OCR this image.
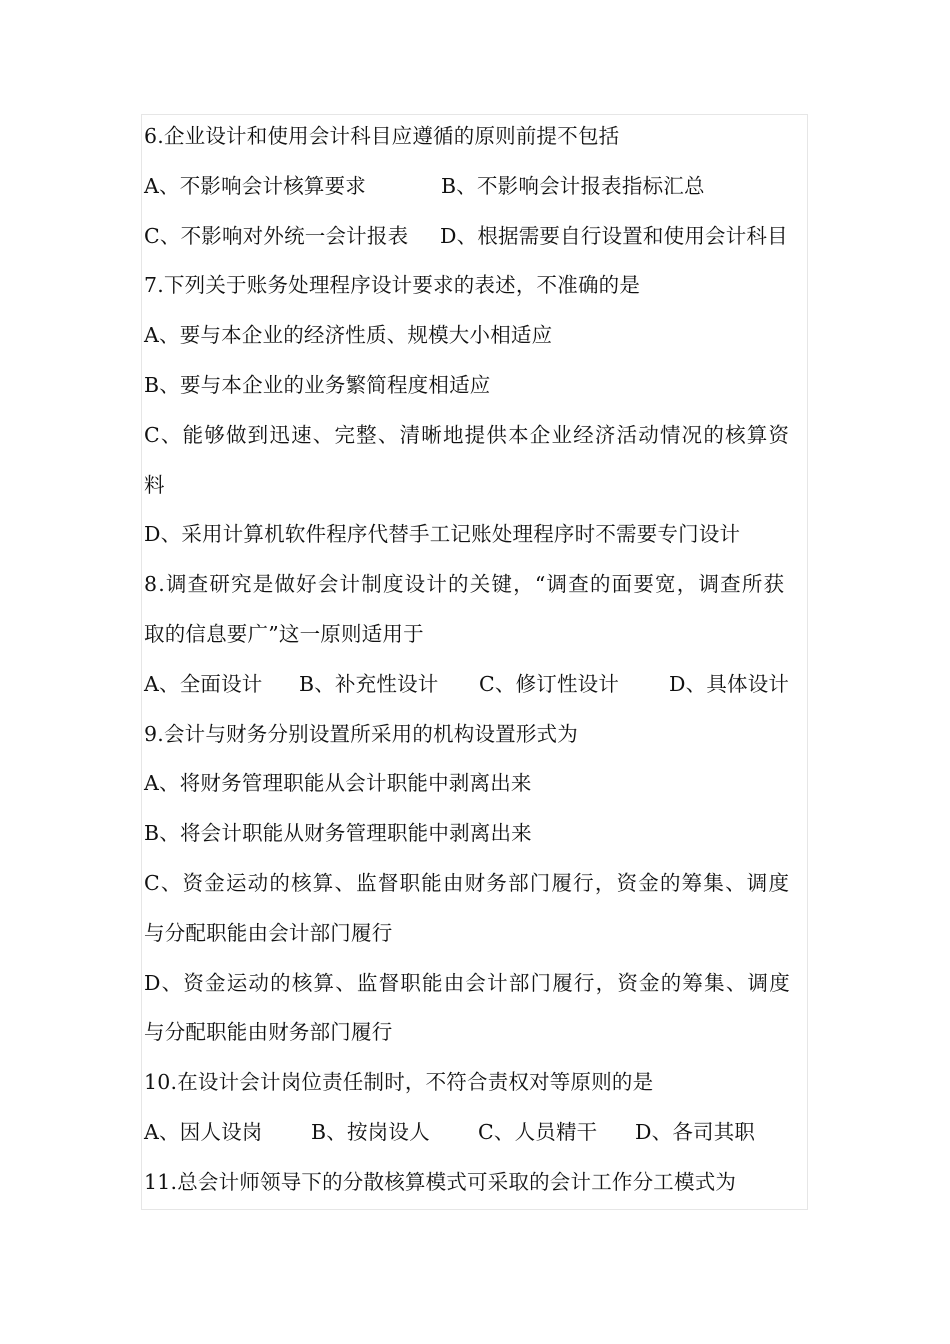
6.企业设计和使用会计科目应遵循的原则前提不包括
A、不影响会计核算要求	B、不影响会计报表指标汇总
C、不影响对外统一会计报表	D、根据需要自行设置和使用会计科目
7.下列关于账务处理程序设计要求的表述，不准确的是
A、要与本企业的经济性质、规模大小相适应
B、要与本企业的业务繁简程度相适应
C、能够做到迅速、完整、清晰地提供本企业经济活动情况的核算资
料
D、采用计算机软件程序代替手工记账处理程序时不需要专门设计
8.调查研究是做好会计制度设计的关键，“调查的面要宽，调查所获
取的信息要广”这一原则适用于
A、全面设计	B、补充性设计	C、修订性设计	D、具体设计
9.会计与财务分别设置所采用的机构设置形式为
A、将财务管理职能从会计职能中剥离出来
B、将会计职能从财务管理职能中剥离出来
C、资金运动的核算、监督职能由财务部门履行，资金的筹集、调度
与分配职能由会计部门履行
D、资金运动的核算、监督职能由会计部门履行，资金的筹集、调度
与分配职能由财务部门履行
10.在设计会计岗位责任制时，不符合责权对等原则的是
A、因人设岗	B、按岗设人	C、人员精干	D、各司其职
11.总会计师领导下的分散核算模式可采取的会计工作分工模式为
